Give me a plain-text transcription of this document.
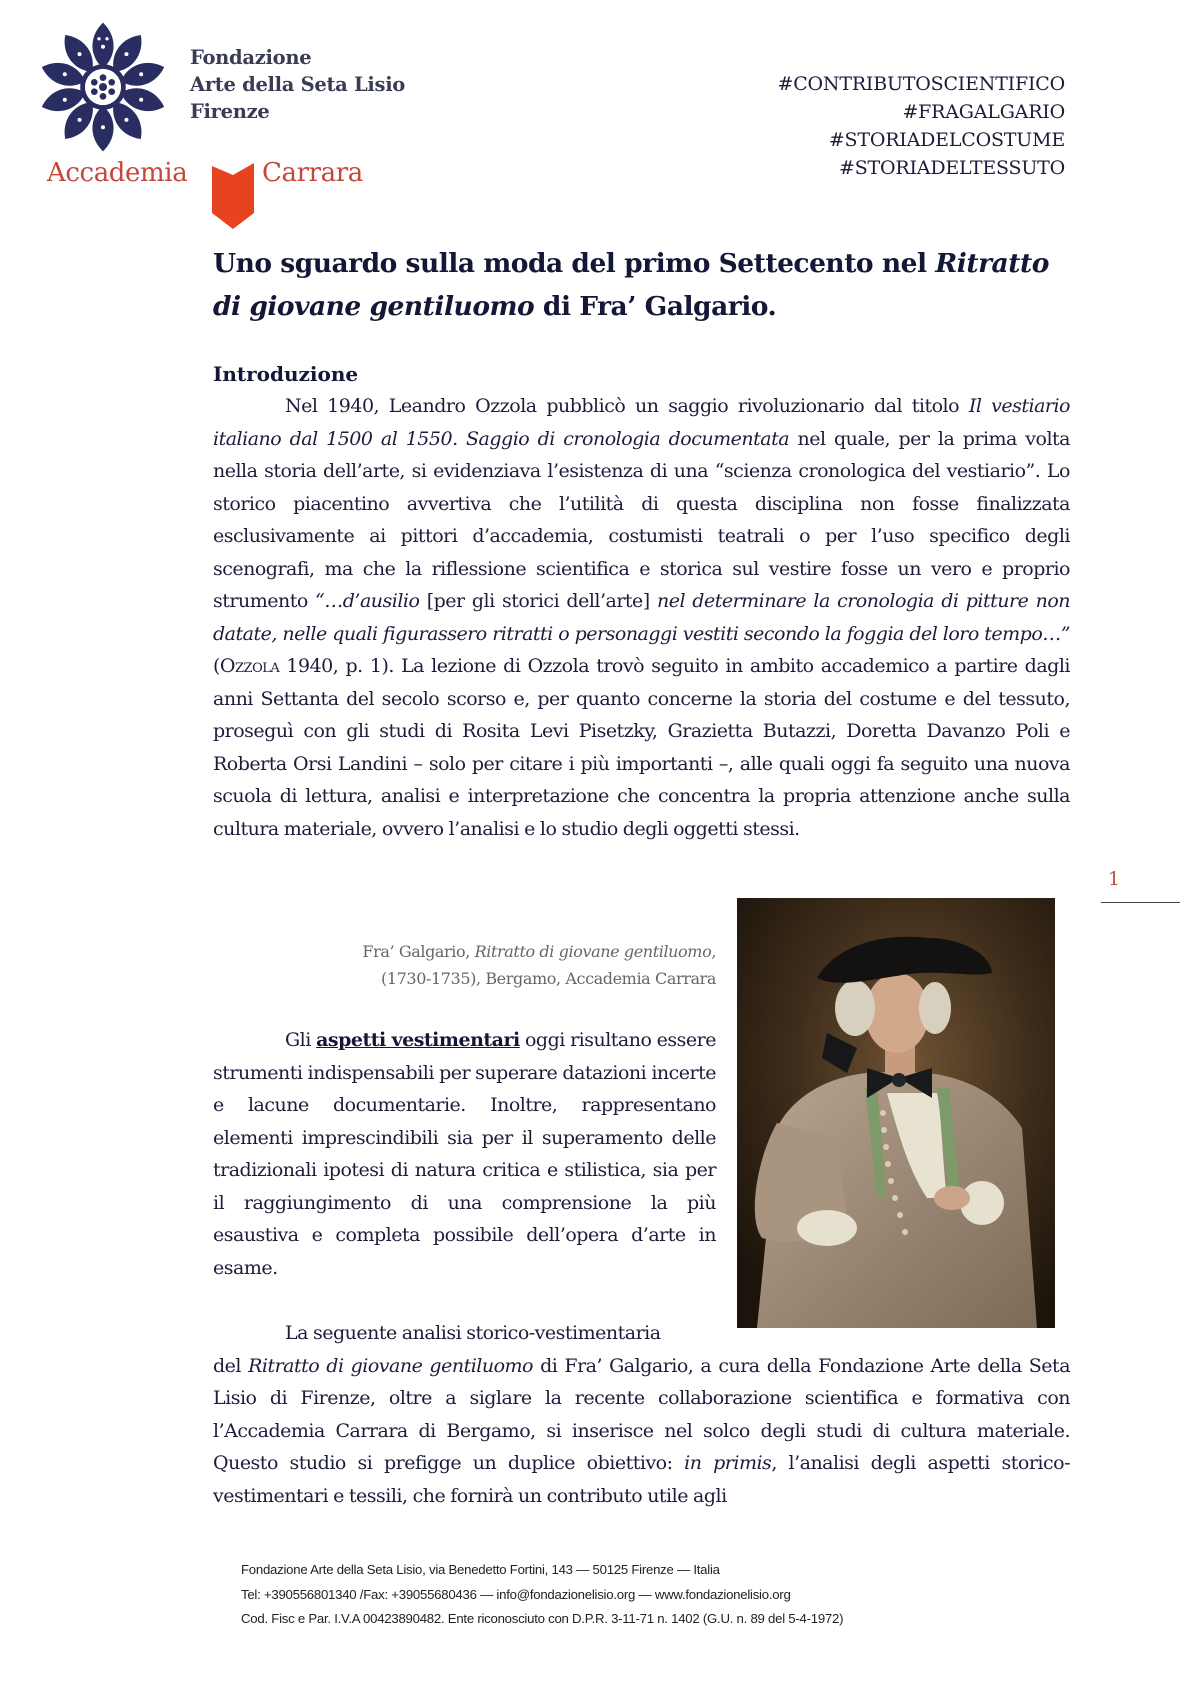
Fondazione
Arte della Seta Lisio
Firenze
Accademia	Carrara
#CONTRIBUTOSCIENTIFICO
#FRAGALGARIO
#STORIADELCOSTUME
#STORIADELTESSUTO
Uno sguardo sulla moda del primo Settecento nel Ritratto
di giovane gentiluomo di Fra’ Galgario.
Introduzione

Nel 1940, Leandro Ozzola pubblicò un saggio rivoluzionario dal titolo Il vestiario italiano dal 1500 al 1550. Saggio di cronologia documentata nel quale, per la prima volta nella storia dell’arte, si evidenziava l’esistenza di una “scienza cronologica del vestiario”. Lo storico piacentino avvertiva che l’utilità di questa disciplina non fosse finalizzata esclusivamente ai pittori d’accademia, costumisti teatrali o per l’uso specifico degli scenografi, ma che la riflessione scientifica e storica sul vestire fosse un vero e proprio strumento “…d’ausilio [per gli storici dell’arte] nel determinare la cronologia di pitture non datate, nelle quali figurassero ritratti o personaggi vestiti secondo la foggia del loro tempo…” (Ozzola 1940, p. 1). La lezione di Ozzola trovò seguito in ambito accademico a partire dagli anni Settanta del secolo scorso e, per quanto concerne la storia del costume e del tessuto, proseguì con gli studi di Rosita Levi Pisetzky, Grazietta Butazzi, Doretta Davanzo Poli e Roberta Orsi Landini – solo per citare i più importanti –, alle quali oggi fa seguito una nuova scuola di lettura, analisi e interpretazione che concentra la propria attenzione anche sulla cultura materiale, ovvero l’analisi e lo studio degli oggetti stessi.

1
Fra’ Galgario, Ritratto di giovane gentiluomo,
(1730-1735), Bergamo, Accademia Carrara

Gli aspetti vestimentari oggi risultano essere strumenti indispensabili per superare datazioni incerte e lacune documentarie. Inoltre, rappresentano elementi imprescindibili sia per il superamento delle tradizionali ipotesi di natura critica e stilistica, sia per il raggiungimento di una comprensione la più esaustiva e completa possibile dell’opera d’arte in esame.

La seguente analisi storico-vestimentaria

del Ritratto di giovane gentiluomo di Fra’ Galgario, a cura della Fondazione Arte della Seta Lisio di Firenze, oltre a siglare la recente collaborazione scientifica e formativa con l’Accademia Carrara di Bergamo, si inserisce nel solco degli studi di cultura materiale. Questo studio si prefigge un duplice obiettivo: in primis, l’analisi degli aspetti storico-vestimentari e tessili, che fornirà un contributo utile agli

Fondazione Arte della Seta Lisio, via Benedetto Fortini, 143 — 50125 Firenze — Italia
Tel: +390556801340 /Fax: +39055680436 — info@fondazionelisio.org — www.fondazionelisio.org
Cod. Fisc e Par. I.V.A 00423890482. Ente riconosciuto con D.P.R. 3-11-71 n. 1402 (G.U. n. 89 del 5-4-1972)
